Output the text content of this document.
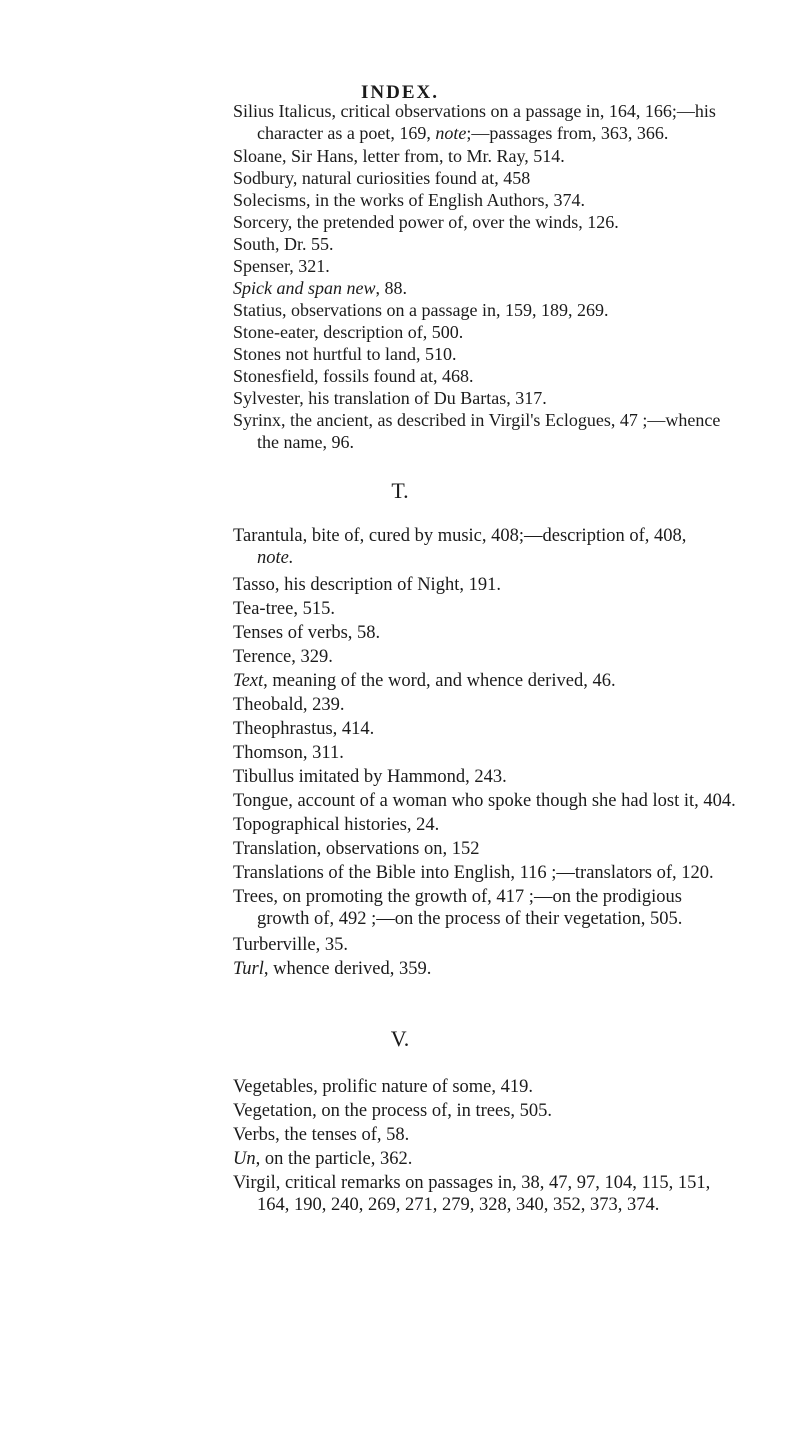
INDEX.
Silius Italicus, critical observations on a passage in, 164, 166;—his
character as a poet, 169, note;—passages from, 363, 366.
Sloane, Sir Hans, letter from, to Mr. Ray, 514.
Sodbury, natural curiosities found at, 458
Solecisms, in the works of English Authors, 374.
Sorcery, the pretended power of, over the winds, 126.
South, Dr. 55.
Spenser, 321.
Spick and span new, 88.
Statius, observations on a passage in, 159, 189, 269.
Stone-eater, description of, 500.
Stones not hurtful to land, 510.
Stonesfield, fossils found at, 468.
Sylvester, his translation of Du Bartas, 317.
Syrinx, the ancient, as described in Virgil's Eclogues, 47 ;—whence
the name, 96.
T.
Tarantula, bite of, cured by music, 408;—description of, 408,
note.
Tasso, his description of Night, 191.
Tea-tree, 515.
Tenses of verbs, 58.
Terence, 329.
Text, meaning of the word, and whence derived, 46.
Theobald, 239.
Theophrastus, 414.
Thomson, 311.
Tibullus imitated by Hammond, 243.
Tongue, account of a woman who spoke though she had lost it, 404.
Topographical histories, 24.
Translation, observations on, 152
Translations of the Bible into English, 116 ;—translators of, 120.
Trees, on promoting the growth of, 417 ;—on the prodigious
growth of, 492 ;—on the process of their vegetation, 505.
Turberville, 35.
Turl, whence derived, 359.
V.
Vegetables, prolific nature of some, 419.
Vegetation, on the process of, in trees, 505.
Verbs, the tenses of, 58.
Un, on the particle, 362.
Virgil, critical remarks on passages in, 38, 47, 97, 104, 115, 151,
164, 190, 240, 269, 271, 279, 328, 340, 352, 373, 374.
